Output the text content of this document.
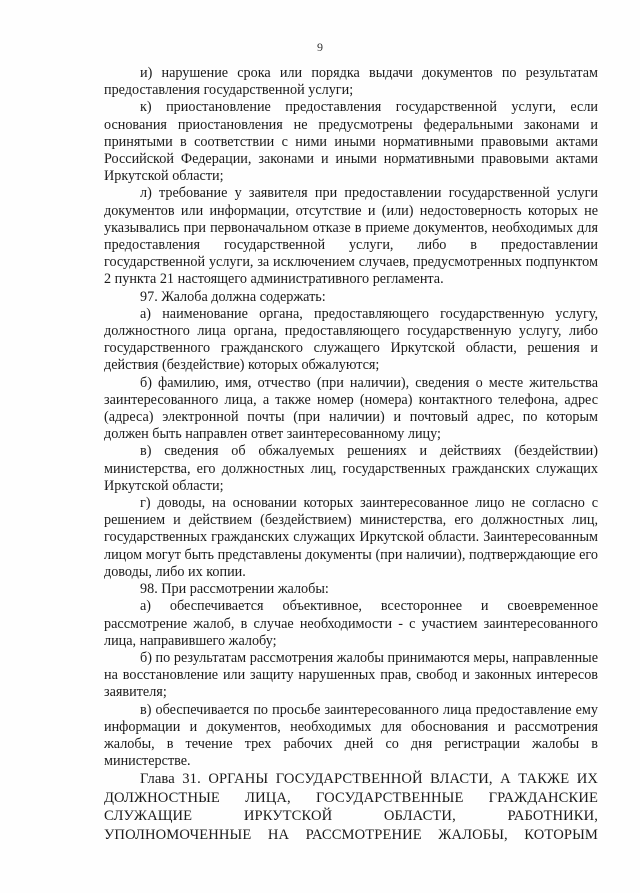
9

и) нарушение срока или порядка выдачи документов по результатам предоставления государственной услуги;

к) приостановление предоставления государственной услуги, если основания приостановления не предусмотрены федеральными законами и принятыми в соответствии с ними иными нормативными правовыми актами Российской Федерации, законами и иными нормативными правовыми актами Иркутской области;

л) требование у заявителя при предоставлении государственной услуги документов или информации, отсутствие и (или) недостоверность которых не указывались при первоначальном отказе в приеме документов, необходимых для предоставления государственной услуги, либо в предоставлении государственной услуги, за исключением случаев, предусмотренных подпунктом 2 пункта 21 настоящего административного регламента.

97. Жалоба должна содержать:

а) наименование органа, предоставляющего государственную услугу, должностного лица органа, предоставляющего государственную услугу, либо государственного гражданского служащего Иркутской области, решения и действия (бездействие) которых обжалуются;

б) фамилию, имя, отчество (при наличии), сведения о месте жительства заинтересованного лица, а также номер (номера) контактного телефона, адрес (адреса) электронной почты (при наличии) и почтовый адрес, по которым должен быть направлен ответ заинтересованному лицу;

в) сведения об обжалуемых решениях и действиях (бездействии) министерства, его должностных лиц, государственных гражданских служащих Иркутской области;

г) доводы, на основании которых заинтересованное лицо не согласно с решением и действием (бездействием) министерства, его должностных лиц, государственных гражданских служащих Иркутской области. Заинтересованным лицом могут быть представлены документы (при наличии), подтверждающие его доводы, либо их копии.

98. При рассмотрении жалобы:

а) обеспечивается объективное, всестороннее и своевременное рассмотрение жалоб, в случае необходимости - с участием заинтересованного лица, направившего жалобу;

б) по результатам рассмотрения жалобы принимаются меры, направленные на восстановление или защиту нарушенных прав, свобод и законных интересов заявителя;

в) обеспечивается по просьбе заинтересованного лица предоставление ему информации и документов, необходимых для обоснования и рассмотрения жалобы, в течение трех рабочих дней со дня регистрации жалобы в министерстве.

Глава 31. ОРГАНЫ ГОСУДАРСТВЕННОЙ ВЛАСТИ, А ТАКЖЕ ИХ ДОЛЖНОСТНЫЕ ЛИЦА, ГОСУДАРСТВЕННЫЕ ГРАЖДАНСКИЕ СЛУЖАЩИЕ ИРКУТСКОЙ ОБЛАСТИ, РАБОТНИКИ, УПОЛНОМОЧЕННЫЕ НА РАССМОТРЕНИЕ ЖАЛОБЫ, КОТОРЫМ
